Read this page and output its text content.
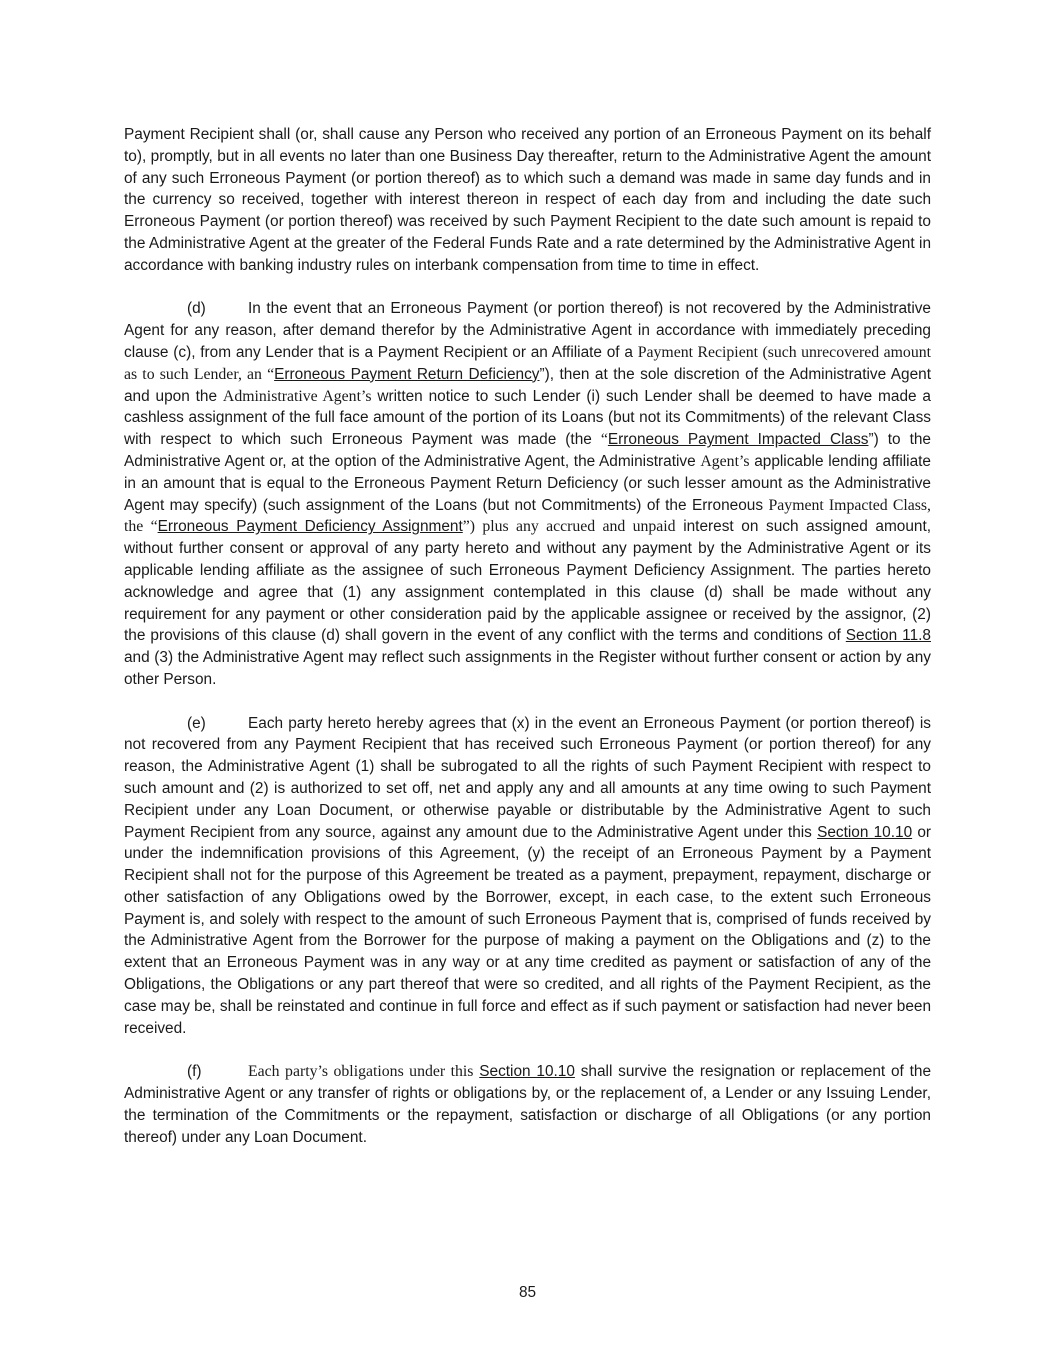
Payment Recipient shall (or, shall cause any Person who received any portion of an Erroneous Payment on its behalf to), promptly, but in all events no later than one Business Day thereafter, return to the Administrative Agent the amount of any such Erroneous Payment (or portion thereof) as to which such a demand was made in same day funds and in the currency so received, together with interest thereon in respect of each day from and including the date such Erroneous Payment (or portion thereof) was received by such Payment Recipient to the date such amount is repaid to the Administrative Agent at the greater of the Federal Funds Rate and a rate determined by the Administrative Agent in accordance with banking industry rules on interbank compensation from time to time in effect.

(d)	In the event that an Erroneous Payment (or portion thereof) is not recovered by the Administrative Agent for any reason, after demand therefor by the Administrative Agent in accordance with immediately preceding clause (c), from any Lender that is a Payment Recipient or an Affiliate of a Payment Recipient (such unrecovered amount as to such Lender, an “Erroneous Payment Return Deficiency”), then at the sole discretion of the Administrative Agent and upon the Administrative Agent’s written notice to such Lender (i) such Lender shall be deemed to have made a cashless assignment of the full face amount of the portion of its Loans (but not its Commitments) of the relevant Class with respect to which such Erroneous Payment was made (the “Erroneous Payment Impacted Class”) to the Administrative Agent or, at the option of the Administrative Agent, the Administrative Agent’s applicable lending affiliate in an amount that is equal to the Erroneous Payment Return Deficiency (or such lesser amount as the Administrative Agent may specify) (such assignment of the Loans (but not Commitments) of the Erroneous Payment Impacted Class, the “Erroneous Payment Deficiency Assignment”) plus any accrued and unpaid interest on such assigned amount, without further consent or approval of any party hereto and without any payment by the Administrative Agent or its applicable lending affiliate as the assignee of such Erroneous Payment Deficiency Assignment. The parties hereto acknowledge and agree that (1) any assignment contemplated in this clause (d) shall be made without any requirement for any payment or other consideration paid by the applicable assignee or received by the assignor, (2) the provisions of this clause (d) shall govern in the event of any conflict with the terms and conditions of Section 11.8 and (3) the Administrative Agent may reflect such assignments in the Register without further consent or action by any other Person.

(e)	Each party hereto hereby agrees that (x) in the event an Erroneous Payment (or portion thereof) is not recovered from any Payment Recipient that has received such Erroneous Payment (or portion thereof) for any reason, the Administrative Agent (1) shall be subrogated to all the rights of such Payment Recipient with respect to such amount and (2) is authorized to set off, net and apply any and all amounts at any time owing to such Payment Recipient under any Loan Document, or otherwise payable or distributable by the Administrative Agent to such Payment Recipient from any source, against any amount due to the Administrative Agent under this Section 10.10 or under the indemnification provisions of this Agreement, (y) the receipt of an Erroneous Payment by a Payment Recipient shall not for the purpose of this Agreement be treated as a payment, prepayment, repayment, discharge or other satisfaction of any Obligations owed by the Borrower, except, in each case, to the extent such Erroneous Payment is, and solely with respect to the amount of such Erroneous Payment that is, comprised of funds received by the Administrative Agent from the Borrower for the purpose of making a payment on the Obligations and (z) to the extent that an Erroneous Payment was in any way or at any time credited as payment or satisfaction of any of the Obligations, the Obligations or any part thereof that were so credited, and all rights of the Payment Recipient, as the case may be, shall be reinstated and continue in full force and effect as if such payment or satisfaction had never been received.

(f)	Each party’s obligations under this Section 10.10 shall survive the resignation or replacement of the Administrative Agent or any transfer of rights or obligations by, or the replacement of, a Lender or any Issuing Lender, the termination of the Commitments or the repayment, satisfaction or discharge of all Obligations (or any portion thereof) under any Loan Document.

85
